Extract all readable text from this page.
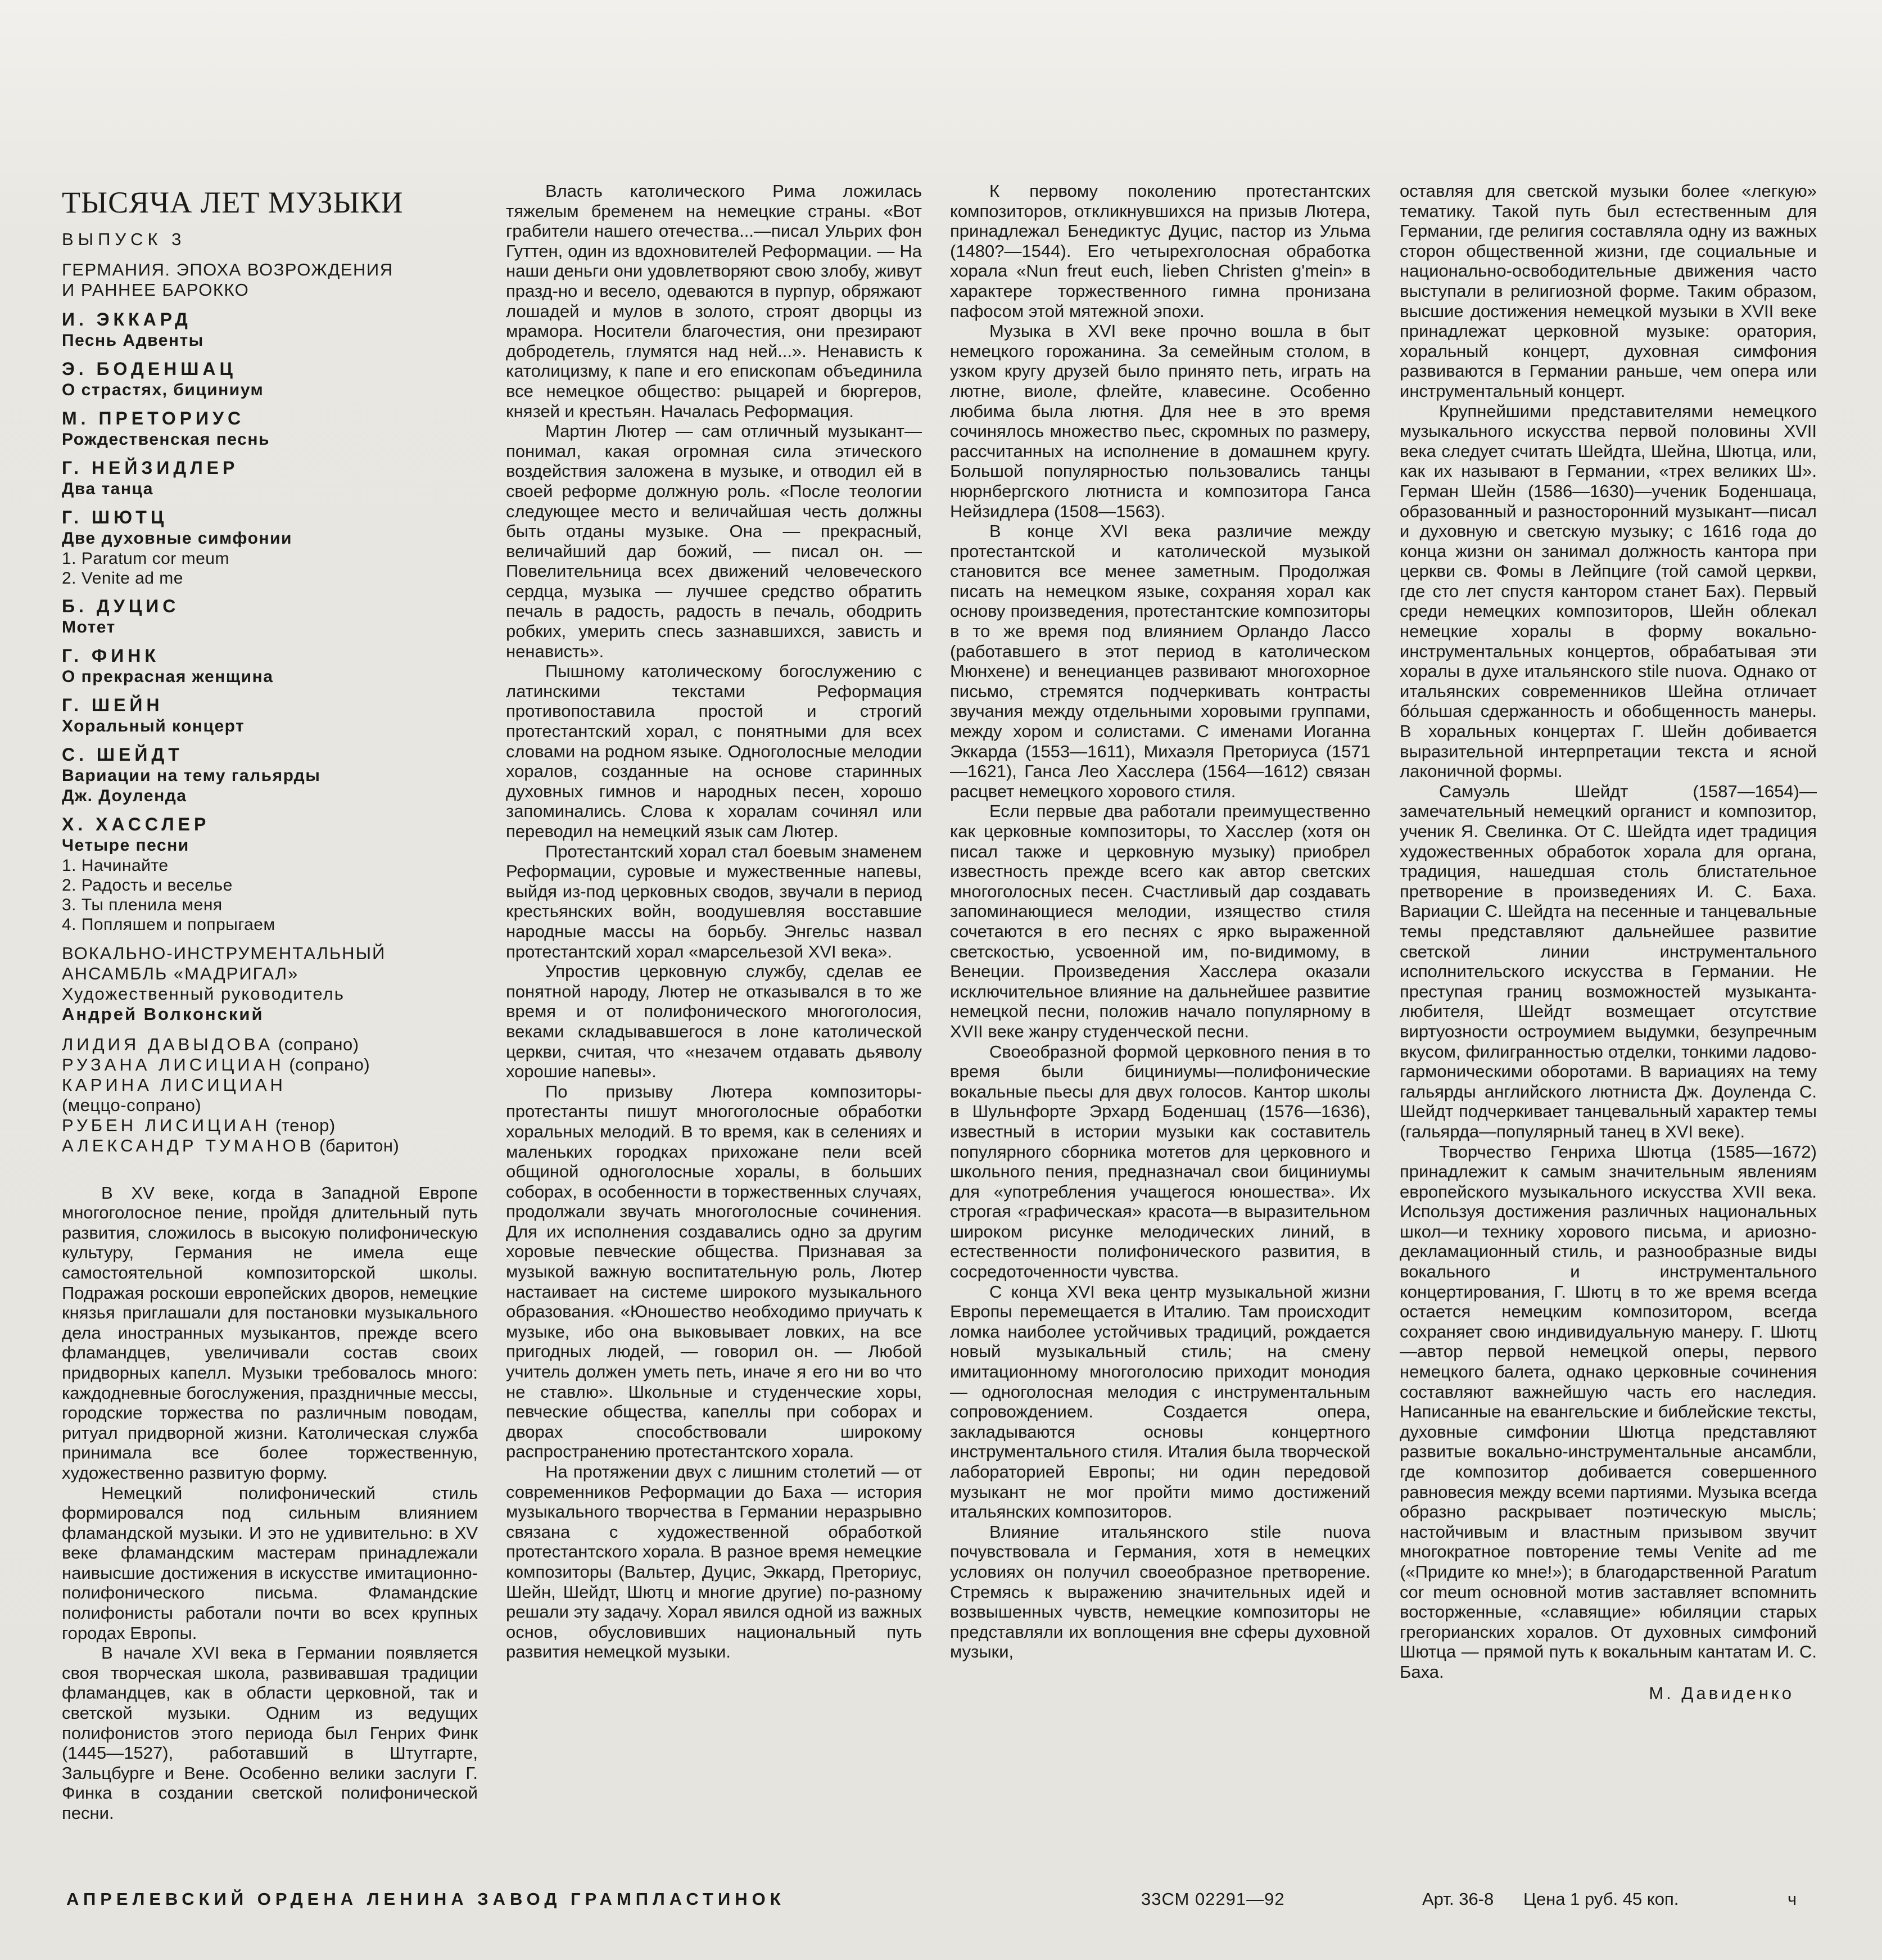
ТЫСЯЧА ЛЕТ МУЗЫКИ
ВЫПУСК 3
ГЕРМАНИЯ. ЭПОХА ВОЗРОЖДЕНИЯ
И РАННЕЕ БАРОККО
И. ЭККАРД
Песнь Адвенты
Э. БОДЕНШАЦ
О страстях, бициниум
М. ПРЕТОРИУС
Рождественская песнь
Г. НЕЙЗИДЛЕР
Два танца
Г. ШЮТЦ
Две духовные симфонии
1. Paratum cor meum
2. Venite ad me
Б. ДУЦИС
Мотет
Г. ФИНК
О прекрасная женщина
Г. ШЕЙН
Хоральный концерт
С. ШЕЙДТ
Вариации на тему гальярды
Дж. Доуленда
Х. ХАССЛЕР
Четыре песни
1. Начинайте
2. Радость и веселье
3. Ты пленила меня
4. Попляшем и попрыгаем
ВОКАЛЬНО-ИНСТРУМЕНТАЛЬНЫЙ
АНСАМБЛЬ «МАДРИГАЛ»
Художественный руководитель
Андрей Волконский
ЛИДИЯ ДАВЫДОВА (сопрано)
РУЗАНА ЛИСИЦИАН (сопрано)
КАРИНА ЛИСИЦИАН
(меццо-сопрано)
РУБЕН ЛИСИЦИАН (тенор)
АЛЕКСАНДР ТУМАНОВ (баритон)

В XV веке, когда в Западной Европе многоголосное пение, пройдя длительный путь развития, сложилось в высокую полифоническую культуру, Германия не имела еще самостоятельной композиторской школы. Подражая роскоши европейских дворов, немецкие князья приглашали для постановки музыкального дела иностранных музыкантов, прежде всего фламандцев, увеличивали состав своих придворных капелл. Музыки требовалось много: каждодневные богослужения, праздничные мессы, городские торжества по различным поводам, ритуал придворной жизни. Католическая служба принимала все более торжественную, художественно развитую форму.

Немецкий полифонический стиль формировался под сильным влиянием фламандской музыки. И это не удивительно: в XV веке фламандским мастерам принадлежали наивысшие достижения в искусстве имитационно-полифонического письма. Фламандские полифонисты работали почти во всех крупных городах Европы.

В начале XVI века в Германии появляется своя творческая школа, развивавшая традиции фламандцев, как в области церковной, так и светской музыки. Одним из ведущих полифонистов этого периода был Генрих Финк (1445—1527), работавший в Штутгарте, Зальцбурге и Вене. Особенно велики заслуги Г. Финка в создании светской полифонической песни.

Власть католического Рима ложилась тяжелым бременем на немецкие страны. «Вот грабители нашего отечества...—писал Ульрих фон Гуттен, один из вдохновителей Реформации. — На наши деньги они удовлетворяют свою злобу, живут празд-но и весело, одеваются в пурпур, обряжают лошадей и мулов в золото, строят дворцы из мрамора. Носители благочестия, они презирают добродетель, глумятся над ней...». Ненависть к католицизму, к папе и его епископам объединила все немецкое общество: рыцарей и бюргеров, князей и крестьян. Началась Реформация.

Мартин Лютер — сам отличный музыкант—понимал, какая огромная сила этического воздействия заложена в музыке, и отводил ей в своей реформе должную роль. «После теологии следующее место и величайшая честь должны быть отданы музыке. Она — прекрасный, величайший дар божий, — писал он. — Повелительница всех движений человеческого сердца, музыка — лучшее средство обратить печаль в радость, радость в печаль, ободрить робких, умерить спесь зазнавшихся, зависть и ненависть».

Пышному католическому богослужению с латинскими текстами Реформация противопоставила простой и строгий протестантский хорал, с понятными для всех словами на родном языке. Одноголосные мелодии хоралов, созданные на основе старинных духовных гимнов и народных песен, хорошо запоминались. Слова к хоралам сочинял или переводил на немецкий язык сам Лютер.

Протестантский хорал стал боевым знаменем Реформации, суровые и мужественные напевы, выйдя из-под церковных сводов, звучали в период крестьянских войн, воодушевляя восставшие народные массы на борьбу. Энгельс назвал протестантский хорал «марсельезой XVI века».

Упростив церковную службу, сделав ее понятной народу, Лютер не отказывался в то же время и от полифонического многоголосия, веками складывавшегося в лоне католической церкви, считая, что «незачем отдавать дьяволу хорошие напевы».

По призыву Лютера композиторы-протестанты пишут многоголосные обработки хоральных мелодий. В то время, как в селениях и маленьких городках прихожане пели всей общиной одноголосные хоралы, в больших соборах, в особенности в торжественных случаях, продолжали звучать многоголосные сочинения. Для их исполнения создавались одно за другим хоровые певческие общества. Признавая за музыкой важную воспитательную роль, Лютер настаивает на системе широкого музыкального образования. «Юношество необходимо приучать к музыке, ибо она выковывает ловких, на все пригодных людей, — говорил он. — Любой учитель должен уметь петь, иначе я его ни во что не ставлю». Школьные и студенческие хоры, певческие общества, капеллы при соборах и дворах способствовали широкому распространению протестантского хорала.

На протяжении двух с лишним столетий — от современников Реформации до Баха — история музыкального творчества в Германии неразрывно связана с художественной обработкой протестантского хорала. В разное время немецкие композиторы (Вальтер, Дуцис, Эккард, Преториус, Шейн, Шейдт, Шютц и многие другие) по-разному решали эту задачу. Хорал явился одной из важных основ, обусловивших национальный путь развития немецкой музыки.

К первому поколению протестантских композиторов, откликнувшихся на призыв Лютера, принадлежал Бенедиктус Дуцис, пастор из Ульма (1480?—1544). Его четырехголосная обработка хорала «Nun freut euch, lieben Christen g'mein» в характере торжественного гимна пронизана пафосом этой мятежной эпохи.

Музыка в XVI веке прочно вошла в быт немецкого горожанина. За семейным столом, в узком кругу друзей было принято петь, играть на лютне, виоле, флейте, клавесине. Особенно любима была лютня. Для нее в это время сочинялось множество пьес, скромных по размеру, рассчитанных на исполнение в домашнем кругу. Большой популярностью пользовались танцы нюрнбергского лютниста и композитора Ганса Нейзидлера (1508—1563).

В конце XVI века различие между протестантской и католической музыкой становится все менее заметным. Продолжая писать на немецком языке, сохраняя хорал как основу произведения, протестантские композиторы в то же время под влиянием Орландо Лассо (работавшего в этот период в католическом Мюнхене) и венецианцев развивают многохорное письмо, стремятся подчеркивать контрасты звучания между отдельными хоровыми группами, между хором и солистами. С именами Иоганна Эккарда (1553—1611), Михаэля Преториуса (1571—1621), Ганса Лео Хасслера (1564—1612) связан расцвет немецкого хорового стиля.

Если первые два работали преимущественно как церковные композиторы, то Хасслер (хотя он писал также и церковную музыку) приобрел известность прежде всего как автор светских многоголосных песен. Счастливый дар создавать запоминающиеся мелодии, изящество стиля сочетаются в его песнях с ярко выраженной светскостью, усвоенной им, по-видимому, в Венеции. Произведения Хасслера оказали исключительное влияние на дальнейшее развитие немецкой песни, положив начало популярному в XVII веке жанру студенческой песни.

Своеобразной формой церковного пения в то время были бициниумы—полифонические вокальные пьесы для двух голосов. Кантор школы в Шульнфорте Эрхард Боденшац (1576—1636), известный в истории музыки как составитель популярного сборника мотетов для церковного и школьного пения, предназначал свои бициниумы для «употребления учащегося юношества». Их строгая «графическая» красота—в выразительном широком рисунке мелодических линий, в естественности полифонического развития, в сосредоточенности чувства.

С конца XVI века центр музыкальной жизни Европы перемещается в Италию. Там происходит ломка наиболее устойчивых традиций, рождается новый музыкальный стиль; на смену имитационному многоголосию приходит монодия — одноголосная мелодия с инструментальным сопровождением. Создается опера, закладываются основы концертного инструментального стиля. Италия была творческой лабораторией Европы; ни один передовой музыкант не мог пройти мимо достижений итальянских композиторов.

Влияние итальянского stile nuova почувствовала и Германия, хотя в немецких условиях он получил своеобразное претворение. Стремясь к выражению значительных идей и возвышенных чувств, немецкие композиторы не представляли их воплощения вне сферы духовной музыки,

оставляя для светской музыки более «легкую» тематику. Такой путь был естественным для Германии, где религия составляла одну из важных сторон общественной жизни, где социальные и национально-освободительные движения часто выступали в религиозной форме. Таким образом, высшие достижения немецкой музыки в XVII веке принадлежат церковной музыке: оратория, хоральный концерт, духовная симфония развиваются в Германии раньше, чем опера или инструментальный концерт.

Крупнейшими представителями немецкого музыкального искусства первой половины XVII века следует считать Шейдта, Шейна, Шютца, или, как их называют в Германии, «трех великих Ш». Герман Шейн (1586—1630)—ученик Боденшаца, образованный и разносторонний музыкант—писал и духовную и светскую музыку; с 1616 года до конца жизни он занимал должность кантора при церкви св. Фомы в Лейпциге (той самой церкви, где сто лет спустя кантором станет Бах). Первый среди немецких композиторов, Шейн облекал немецкие хоралы в форму вокально-инструментальных концертов, обрабатывая эти хоралы в духе итальянского stile nuova. Однако от итальянских современников Шейна отличает бо́льшая сдержанность и обобщенность манеры. В хоральных концертах Г. Шейн добивается выразительной интерпретации текста и ясной лаконичной формы.

Самуэль Шейдт (1587—1654)—замечательный немецкий органист и композитор, ученик Я. Свелинка. От С. Шейдта идет традиция художественных обработок хорала для органа, традиция, нашедшая столь блистательное претворение в произведениях И. С. Баха. Вариации С. Шейдта на песенные и танцевальные темы представляют дальнейшее развитие светской линии инструментального исполнительского искусства в Германии. Не преступая границ возможностей музыканта-любителя, Шейдт возмещает отсутствие виртуозности остроумием выдумки, безупречным вкусом, филигранностью отделки, тонкими ладово-гармоническими оборотами. В вариациях на тему гальярды английского лютниста Дж. Доуленда С. Шейдт подчеркивает танцевальный характер темы (гальярда—популярный танец в XVI веке).

Творчество Генриха Шютца (1585—1672) принадлежит к самым значительным явлениям европейского музыкального искусства XVII века. Используя достижения различных национальных школ—и технику хорового письма, и ариозно-декламационный стиль, и разнообразные виды вокального и инструментального концертирования, Г. Шютц в то же время всегда остается немецким композитором, всегда сохраняет свою индивидуальную манеру. Г. Шютц—автор первой немецкой оперы, первого немецкого балета, однако церковные сочинения составляют важнейшую часть его наследия. Написанные на евангельские и библейские тексты, духовные симфонии Шютца представляют развитые вокально-инструментальные ансамбли, где композитор добивается совершенного равновесия между всеми партиями. Музыка всегда образно раскрывает поэтическую мысль; настойчивым и властным призывом звучит многократное повторение темы Venite ad me («Придите ко мне!»); в благодарственной Paratum cor meum основной мотив заставляет вспомнить восторженные, «славящие» юбиляции старых грегорианских хоралов. От духовных симфоний Шютца — прямой путь к вокальным кантатам И. С. Баха.

М. Давиденко
АПРЕЛЕВСКИЙ ОРДЕНА ЛЕНИНА ЗАВОД ГРАМПЛАСТИНОК	33СМ 02291—92	Арт. 36-8 Цена 1 руб. 45 коп.	ч
